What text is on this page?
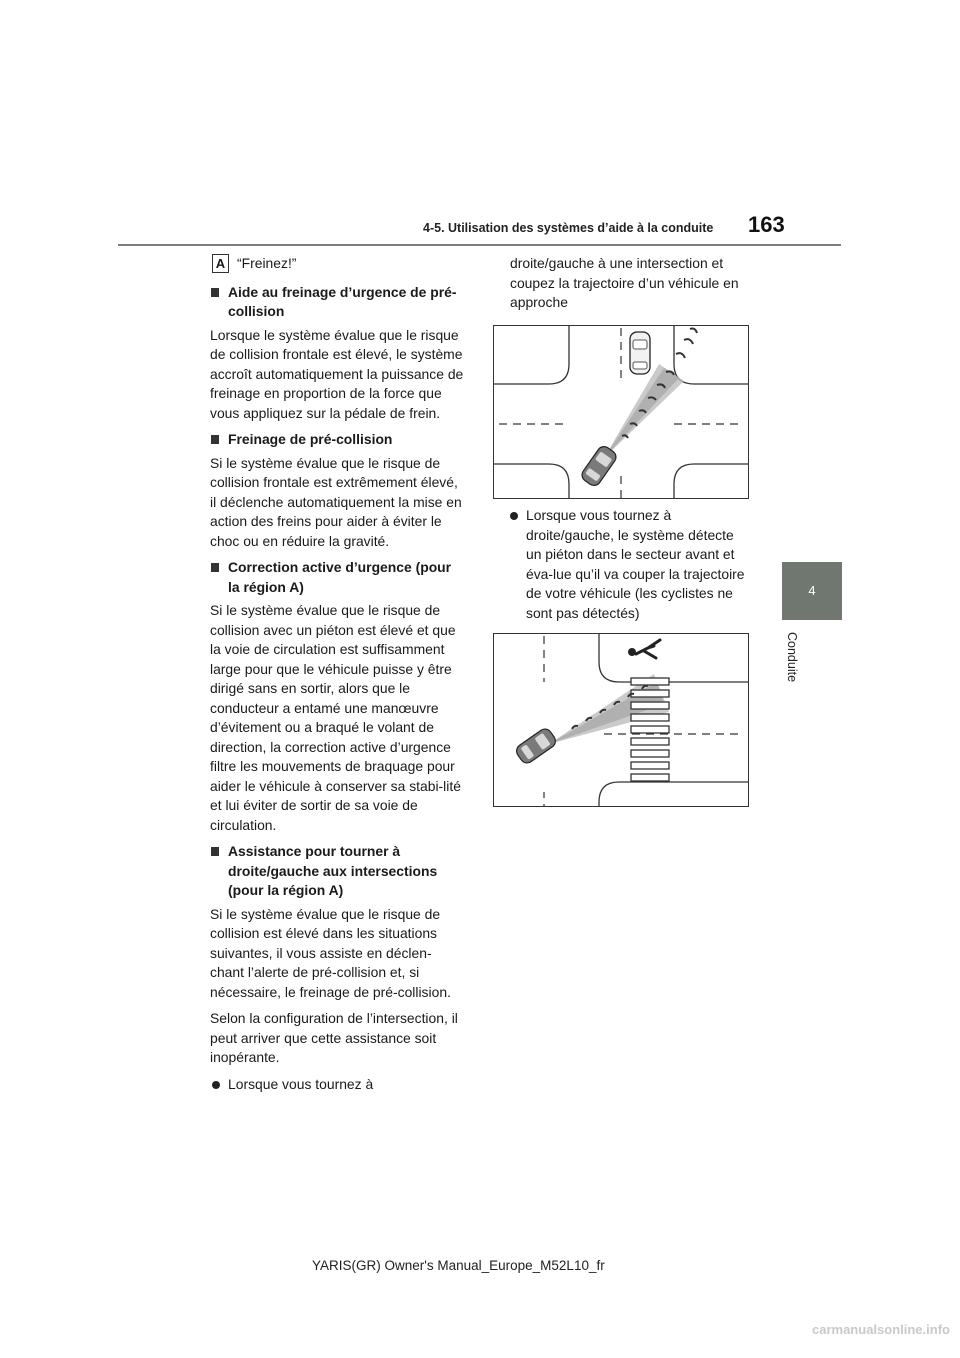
4-5. Utilisation des systèmes d’aide à la conduite 163
4
Conduite
A “Freinez!”
Aide au freinage d’urgence de pré-collision

Lorsque le système évalue que le risque de collision frontale est élevé, le système accroît automatiquement la puissance de freinage en proportion de la force que vous appliquez sur la pédale de frein.

Freinage de pré-collision

Si le système évalue que le risque de collision frontale est extrêmement élevé, il déclenche automatiquement la mise en action des freins pour aider à éviter le choc ou en réduire la gravité.

Correction active d’urgence (pour la région A)

Si le système évalue que le risque de collision avec un piéton est élevé et que la voie de circulation est suffisamment large pour que le véhicule puisse y être dirigé sans en sortir, alors que le conducteur a entamé une manœuvre d’évitement ou a braqué le volant de direction, la correction active d’urgence filtre les mouvements de braquage pour aider le véhicule à conserver sa stabi-lité et lui éviter de sortir de sa voie de circulation.

Assistance pour tourner à droite/gauche aux intersections (pour la région A)

Si le système évalue que le risque de collision est élevé dans les situations suivantes, il vous assiste en déclen-chant l’alerte de pré-collision et, si nécessaire, le freinage de pré-collision.

Selon la configuration de l’intersection, il peut arriver que cette assistance soit inopérante.

Lorsque vous tournez à

droite/gauche à une intersection et coupez la trajectoire d’un véhicule en approche

Lorsque vous tournez à droite/gauche, le système détecte un piéton dans le secteur avant et éva-lue qu’il va couper la trajectoire de votre véhicule (les cyclistes ne sont pas détectés)
YARIS(GR) Owner's Manual_Europe_M52L10_fr
carmanualsonline.info
